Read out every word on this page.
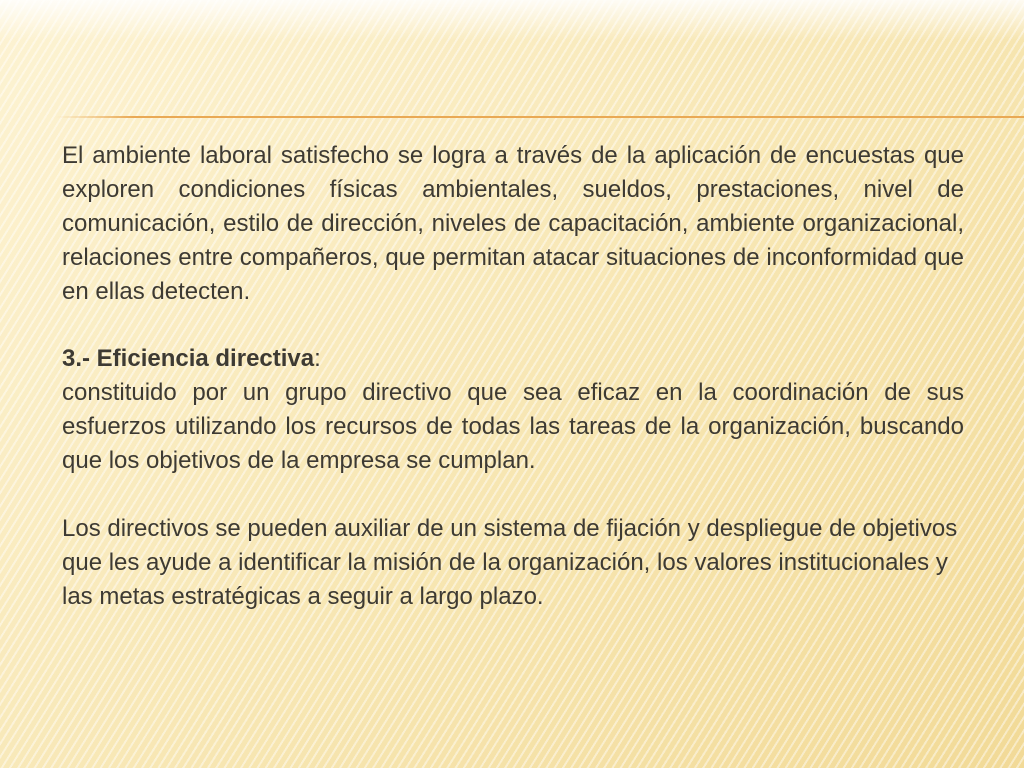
El ambiente laboral satisfecho se logra a través de la aplicación de encuestas que exploren condiciones físicas ambientales, sueldos, prestaciones, nivel de comunicación, estilo de dirección, niveles de capacitación, ambiente organizacional, relaciones entre compañeros, que permitan atacar situaciones de inconformidad que en ellas detecten.

3.- Eficiencia directiva:

constituido por un grupo directivo que sea eficaz en la coordinación de sus esfuerzos utilizando los recursos de todas las tareas de la organización, buscando que los objetivos de la empresa se cumplan.

Los directivos se pueden auxiliar de un sistema de fijación y despliegue de objetivos que les ayude a identificar la misión de la organización, los valores institucionales y las metas estratégicas a seguir a largo plazo.
